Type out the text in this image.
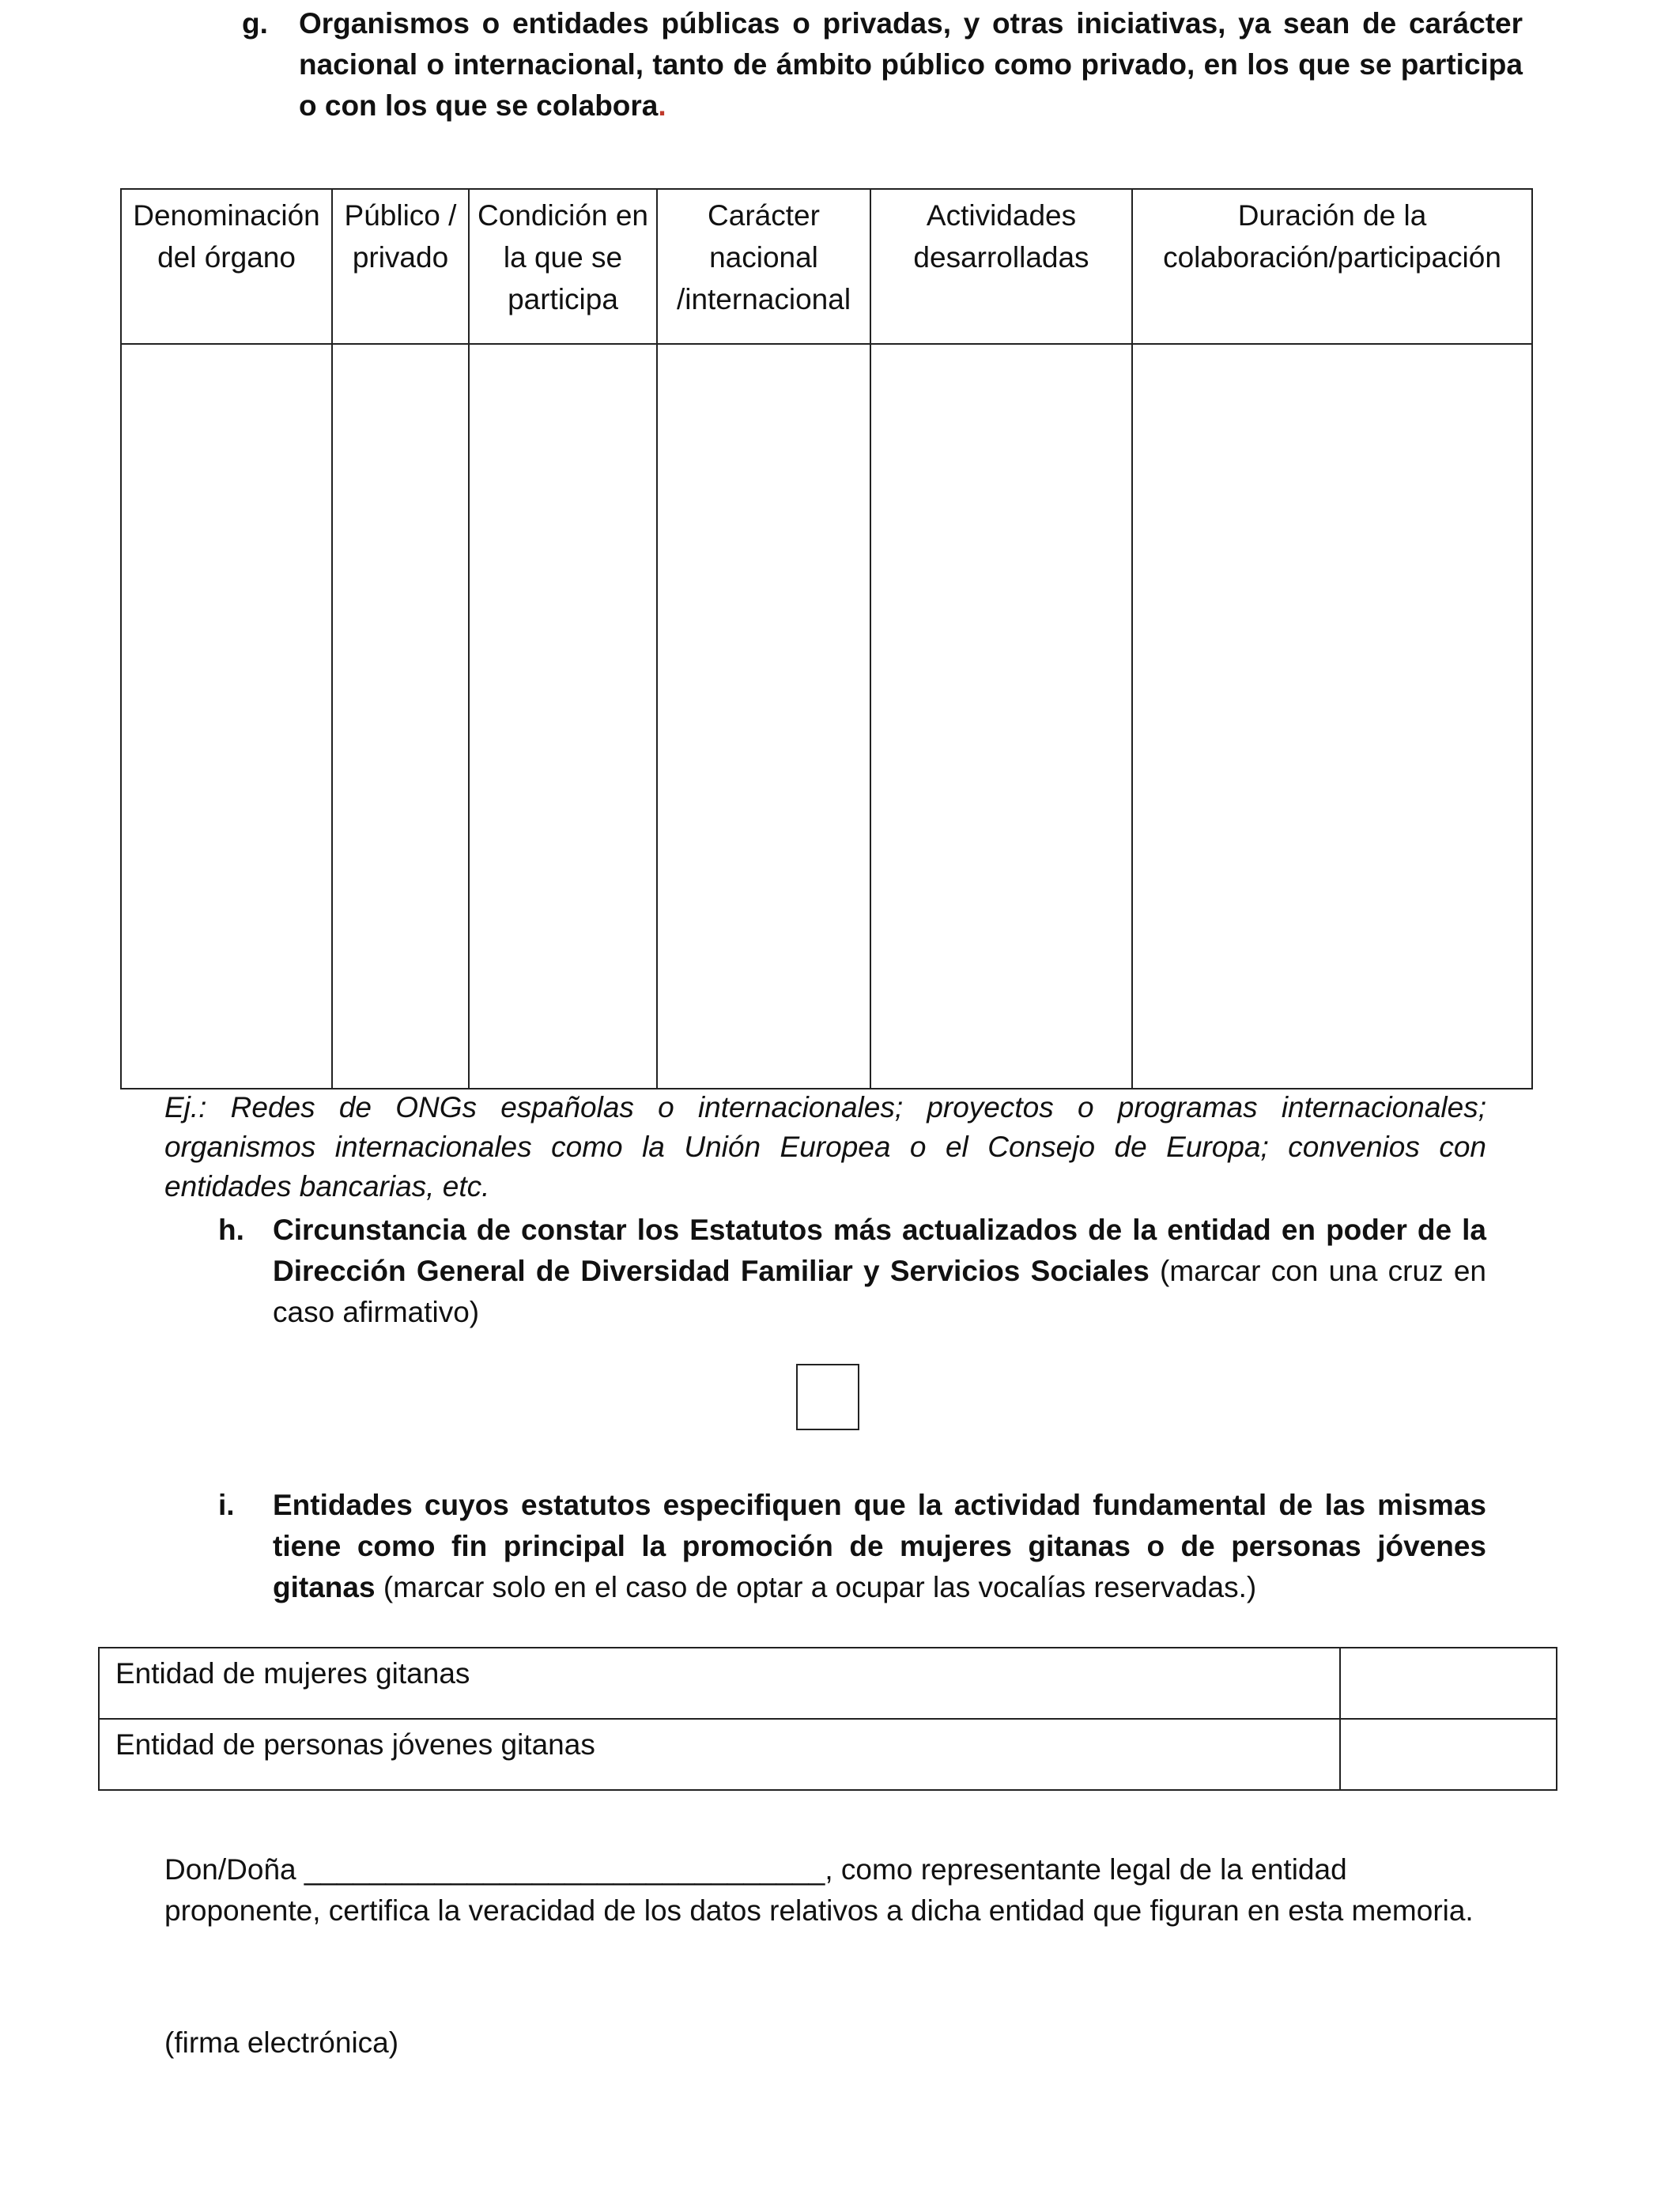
g. Organismos o entidades públicas o privadas, y otras iniciativas, ya sean de carácter nacional o internacional, tanto de ámbito público como privado, en los que se participa o con los que se colabora.
Denominación del órgano	Público / privado	Condición en la que se participa	Carácter nacional /internacional	Actividades desarrolladas	Duración de la colaboración/participación

Ej.: Redes de ONGs españolas o internacionales; proyectos o programas internacionales; organismos internacionales como la Unión Europea o el Consejo de Europa; convenios con entidades bancarias, etc.
h. Circunstancia de constar los Estatutos más actualizados de la entidad en poder de la Dirección General de Diversidad Familiar y Servicios Sociales (marcar con una cruz en caso afirmativo)
i. Entidades cuyos estatutos especifiquen que la actividad fundamental de las mismas tiene como fin principal la promoción de mujeres gitanas o de personas jóvenes gitanas (marcar solo en el caso de optar a ocupar las vocalías reservadas.)
Entidad de mujeres gitanas	
Entidad de personas jóvenes gitanas	
Don/Doña ________________________________, como representante legal de la entidad proponente, certifica la veracidad de los datos relativos a dicha entidad que figuran en esta memoria.
(firma electrónica)
